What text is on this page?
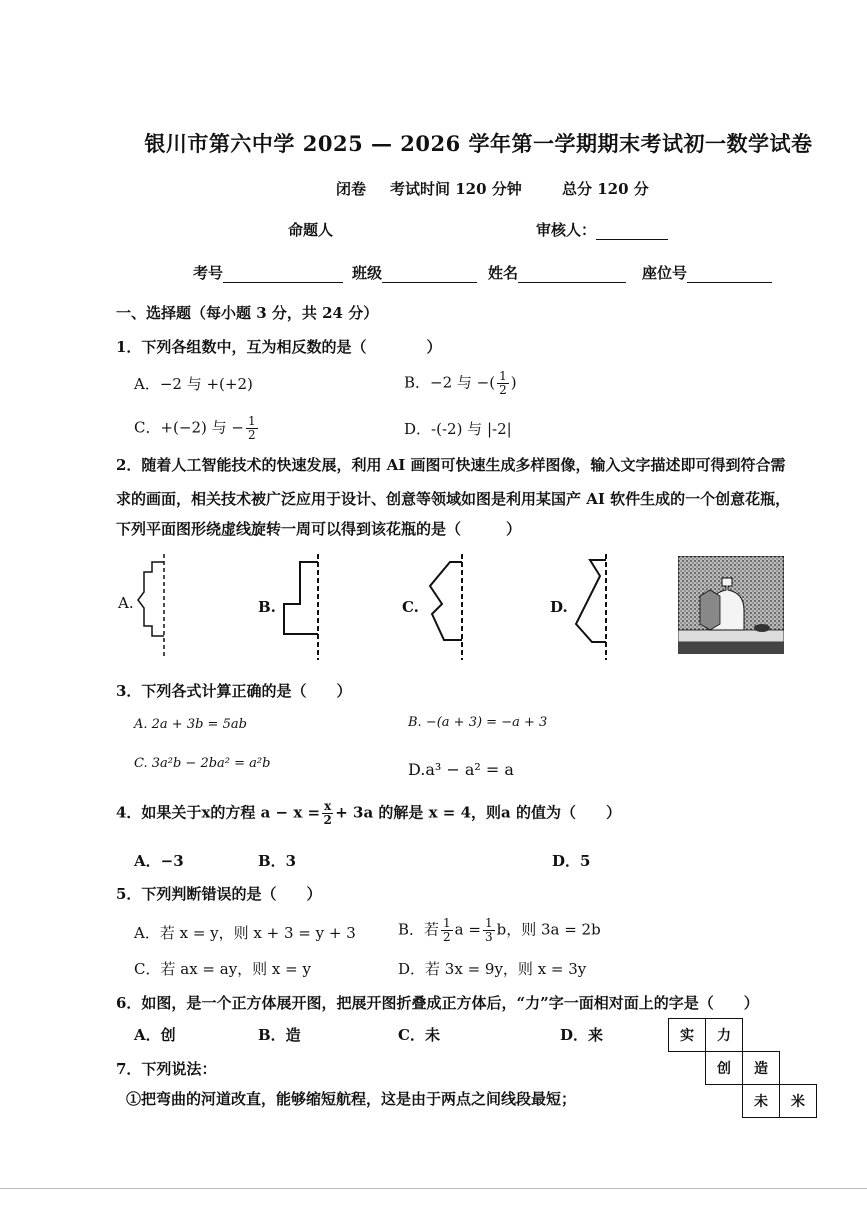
银川市第六中学 2025 — 2026 学年第一学期期末考试初一数学试卷
闭卷 考试时间 120 分钟	总分 120 分
命题人	审核人：
考号	班级	姓名	座位号
一、选择题（每小题 3 分，共 24 分）
1．下列各组数中，互为相反数的是（　　　　）
A．−2 与 +(+2)	B．−2 与 −( $\frac{1}{2}$ )
C．+(−2) 与 − $\frac{1}{2}$	D．-(-2) 与 |-2|
2．随着人工智能技术的快速发展，利用 AI 画图可快速生成多样图像，输入文字描述即可得到符合需
求的画面，相关技术被广泛应用于设计、创意等领域如图是利用某国产 AI 软件生成的一个创意花瓶，
下列平面图形绕虚线旋转一周可以得到该花瓶的是（　　　）
A.	B.	C.	D.
3．下列各式计算正确的是（　　）
A. 2a + 3b = 5ab	B. −(a + 3) = −a + 3
C. 3a²b − 2ba² = a²b	D.a³ − a² = a
4．如果关于x的方程 $a - x = \frac{x}{2} + 3a$ 的解是 x = 4，则a 的值为（　　）
A．−3	B．3	D．5
5．下列判断错误的是（　　）
A．若 x = y，则 x + 3 = y + 3	B．若 $\frac{1}{2}$ $a = \frac{1}{3}$ b，则 3a = 2b
C．若 ax = ay，则 x = y	D．若 3x = 9y，则 x = 3y
6．如图，是一个正方体展开图，把展开图折叠成正方体后，“力”字一面相对面上的字是（　　）
A．创	B．造	C．未	D．来	实	力		
	创	造	
		未	米
7．下列说法：
①把弯曲的河道改直，能够缩短航程，这是由于两点之间线段最短；
